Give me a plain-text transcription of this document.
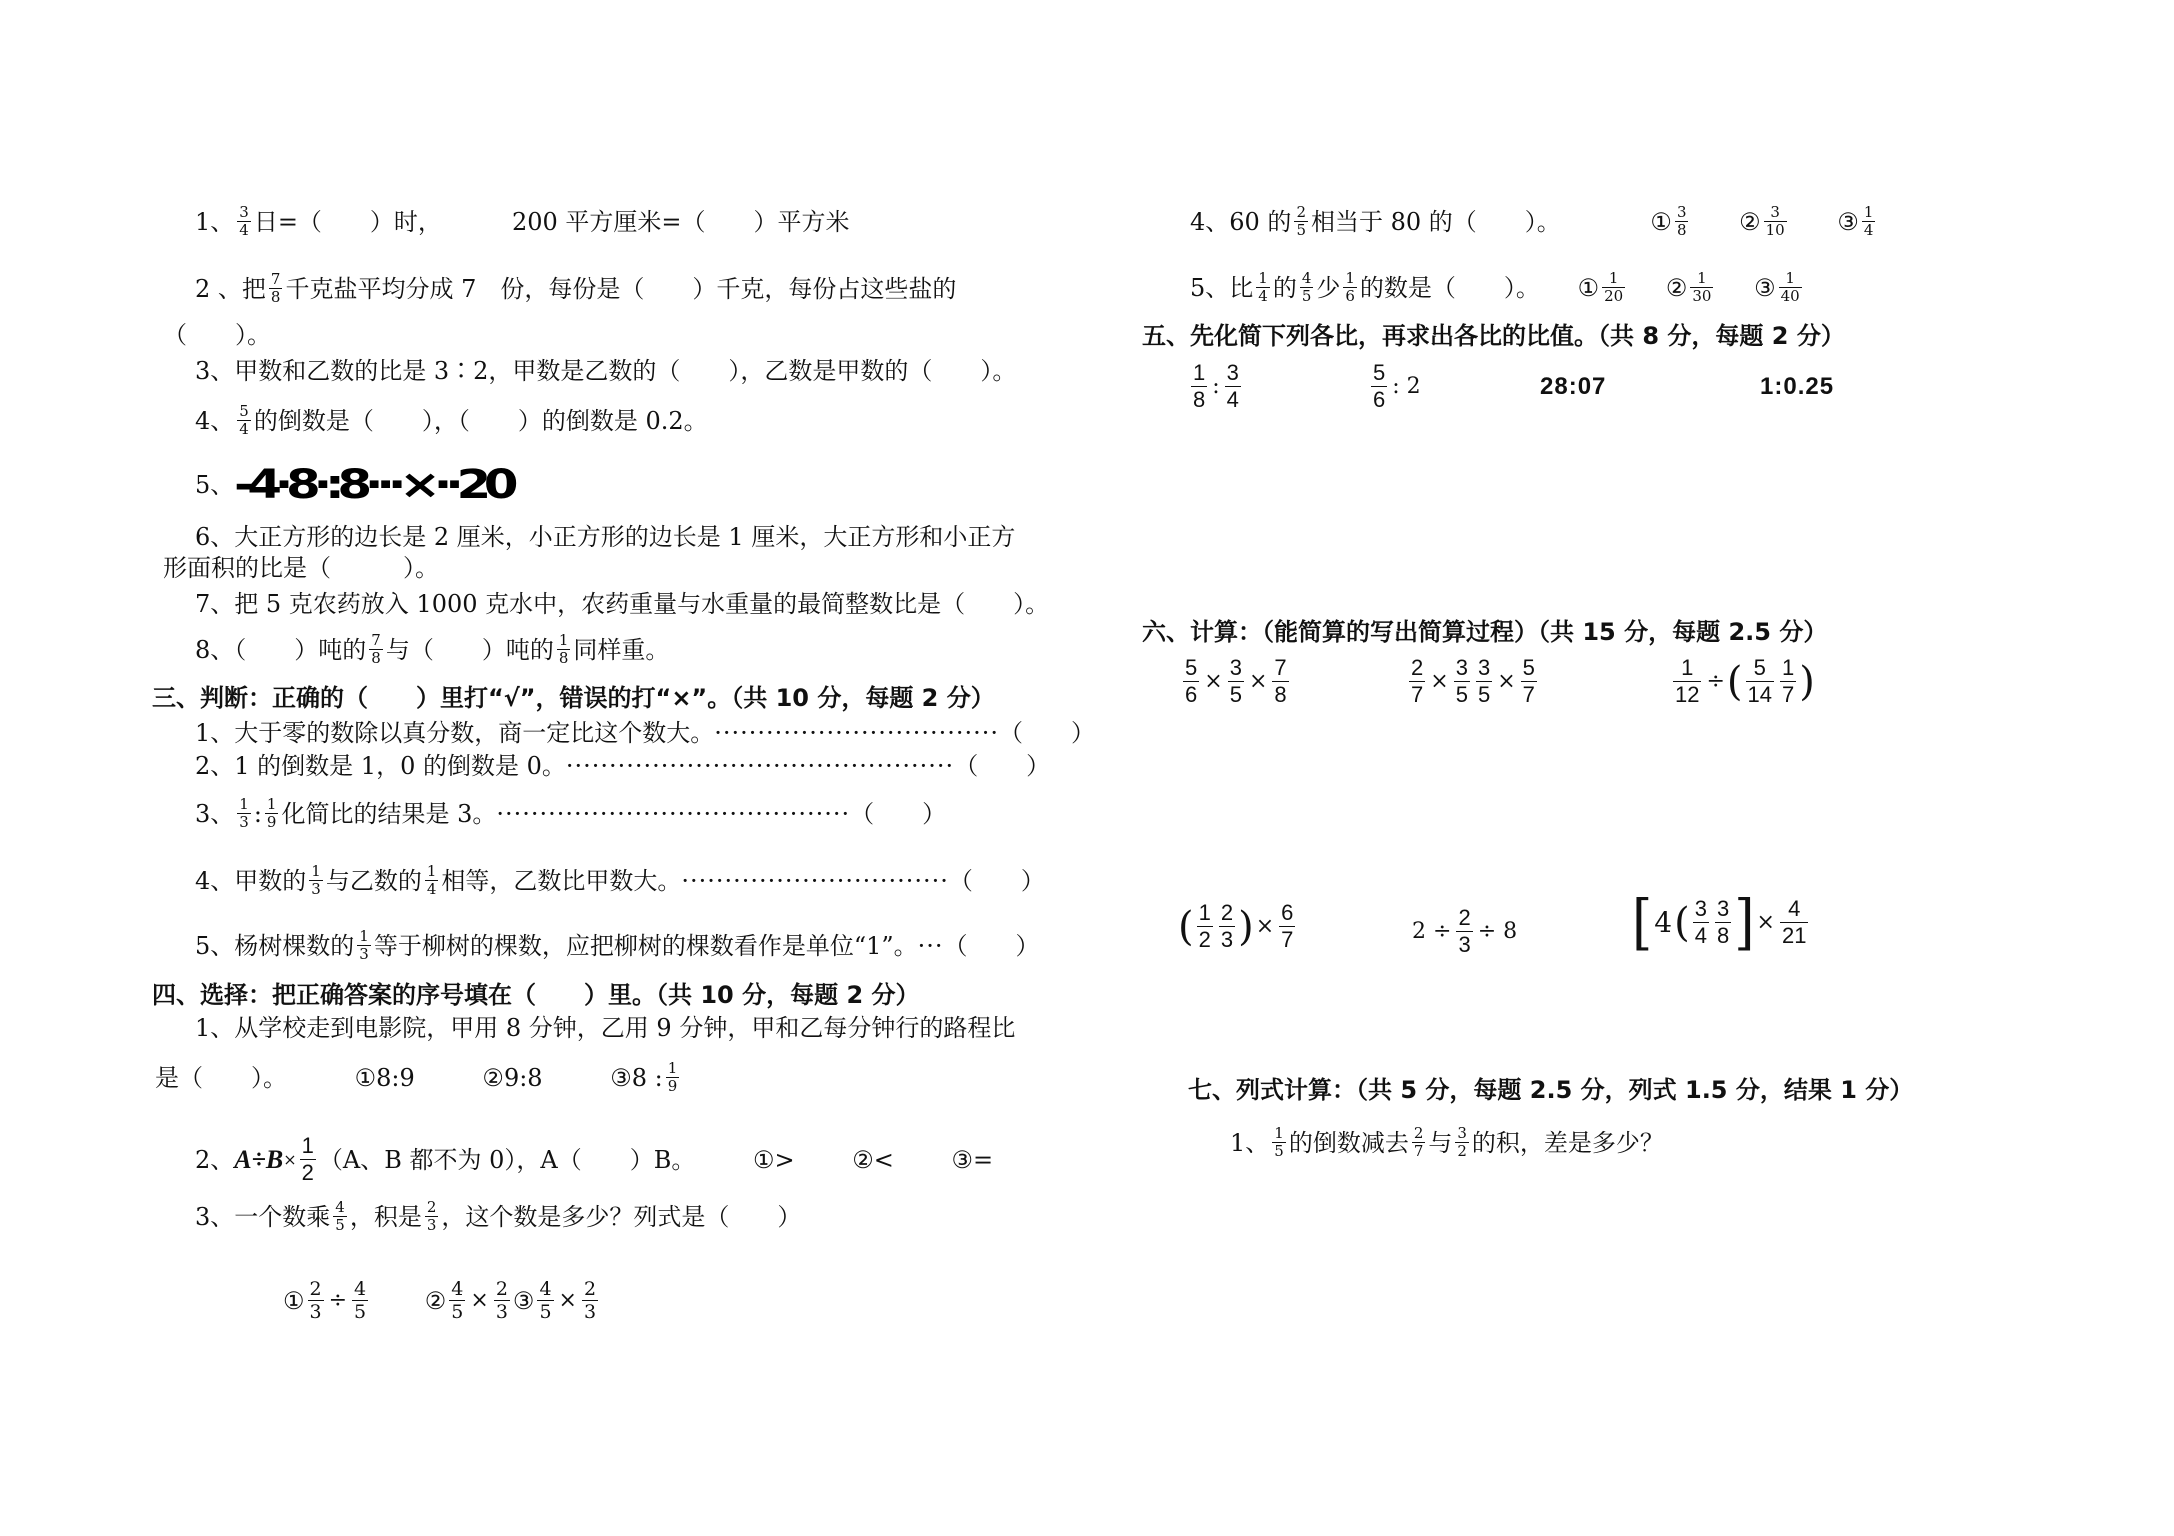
1、 $\frac{3}{4}$ 日=（　　）时，	200 平方厘米=（　　）平方米
2 、把 $\frac{7}{8}$ 千克盐平均分成 7　份，每份是（　　）千克，每份占这些盐的
（　　）。
3、甲数和乙数的比是 3∶2，甲数是乙数的（　　），乙数是甲数的（　　）。
4、 $\frac{5}{4}$ 的倒数是（　　），（　　）的倒数是 0.2。
5、-4·8·:8···×··20
6、大正方形的边长是 2 厘米，小正方形的边长是 1 厘米，大正方形和小正方
形面积的比是（　　　）。
7、把 5 克农药放入 1000 克水中，农药重量与水重量的最简整数比是（　　）。
8、（　　）吨的 $\frac{7}{8}$ 与（　　）吨的 $\frac{1}{8}$ 同样重。
三、判断：正确的（　　）里打“√”，错误的打“×”。（共 10 分，每题 2 分）
1、大于零的数除以真分数，商一定比这个数大。·································（　　）
2、1 的倒数是 1，0 的倒数是 0。·············································（　　）
3、 $\frac{1}{3}$ : $\frac{1}{9}$ 化简比的结果是 3。·········································（　　）
4、甲数的 $\frac{1}{3}$ 与乙数的 $\frac{1}{4}$ 相等，乙数比甲数大。·······························（　　）
5、杨树棵数的 $\frac{1}{3}$ 等于柳树的棵数，应把柳树的棵数看作是单位“1”。···（　　）
四、选择：把正确答案的序号填在（　　）里。（共 10 分，每题 2 分）
1、从学校走到电影院，甲用 8 分钟，乙用 9 分钟，甲和乙每分钟行的路程比
是（　　）。	①8:9	②9:8	③8 : $\frac{1}{9}$
2、$A\div B\times \frac{1}{2} (A$、B 都不为 0），A（　　）B。 ①> ②< ③=
3、一个数乘 $\frac{4}{5}$ ，积是 $\frac{2}{3}$ ，这个数是多少？列式是（　　）
① $\frac{2}{3} \div \frac{4}{5}$ ② $\frac{4}{5} \times \frac{2}{3}$ ③ $\frac{4}{5} \times \frac{2}{3}$
4、60 的 $\frac{2}{5}$ 相当于 80 的（　　）。	① $\frac{3}{8}$ ② $\frac{3}{10}$ ③ $\frac{1}{4}$
5、比 $\frac{1}{4}$ 的 $\frac{4}{5}$ 少 $\frac{1}{6}$ 的数是（　　）。 ① $\frac{1}{20}$ ② $\frac{1}{30}$ ③ $\frac{1}{40}$
五、先化简下列各比，再求出各比的比值。（共 8 分，每题 2 分）
$\frac{1}{8}$ : $\frac{3}{4}$	$\frac{5}{6}$ : 2	28:07	1:0.25
六、计算：（能简算的写出简算过程）（共 15 分，每题 2.5 分）
$\frac{5}{6} \times \frac{3}{5} \times \frac{7}{8}$	$\frac{2}{7} \times \frac{3}{5} \frac{3}{5} \times \frac{5}{7}$	$\frac{1}{12}$ ÷( $\frac{5}{14} \frac{1}{7}$ )
( $\frac{1}{2} \frac{2}{3}$ )× $\frac{6}{7}$	$2 \div \frac{2}{3} \div 8$ [$4( \frac{3}{4} \frac{3}{8}$ ]× $\frac{4}{21}$
七、列式计算：（共 5 分，每题 2.5 分，列式 1.5 分，结果 1 分）
1、 $\frac{1}{5}$ 的倒数减去 $\frac{2}{7}$ 与 $\frac{3}{2}$ 的积，差是多少？
